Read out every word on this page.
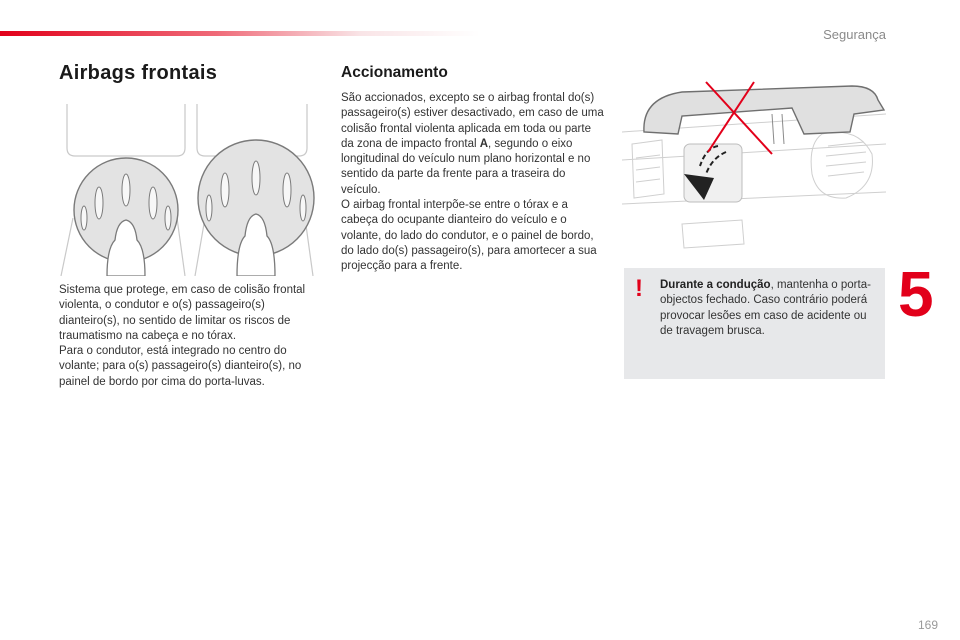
Segurança
5
169
Airbags frontais	Accionamento

Sistema que protege, em caso de colisão frontal violenta, o condutor e o(s) passageiro(s) dianteiro(s), no sentido de limitar os riscos de traumatismo na cabeça e no tórax.

Para o condutor, está integrado no centro do volante; para o(s) passageiro(s) dianteiro(s), no painel de bordo por cima do porta-luvas.

São accionados, excepto se o airbag frontal do(s) passageiro(s) estiver desactivado, em caso de uma colisão frontal violenta aplicada em toda ou parte da zona de impacto frontal A, segundo o eixo longitudinal do veículo num plano horizontal e no sentido da parte da frente para a traseira do veículo.

O airbag frontal interpõe-se entre o tórax e a cabeça do ocupante dianteiro do veículo e o volante, do lado do condutor, e o painel de bordo, do lado do(s) passageiro(s), para amortecer a sua projecção para a frente.

! Durante a condução, mantenha o porta-objectos fechado. Caso contrário poderá provocar lesões em caso de acidente ou de travagem brusca.
